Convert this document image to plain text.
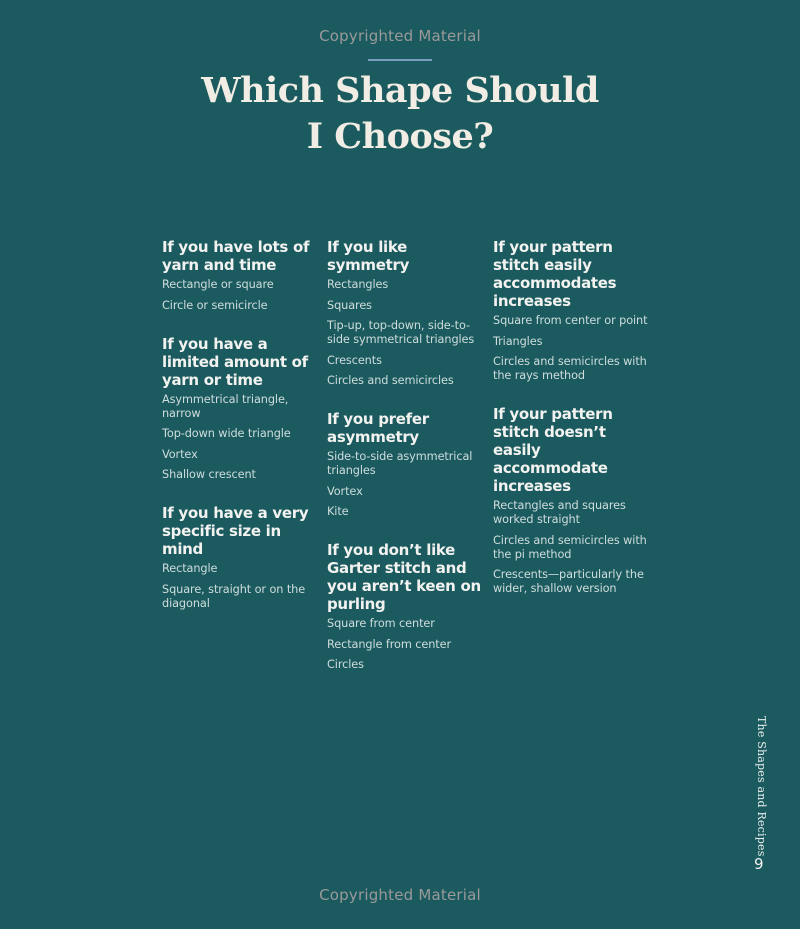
Copyrighted Material
Which Shape Should
I Choose?
If you have lots of yarn and time
Rectangle or square
Circle or semicircle
If you have a limited amount of yarn or time
Asymmetrical triangle, narrow
Top-down wide triangle
Vortex
Shallow crescent
If you have a very specific size in mind
Rectangle
Square, straight or on the diagonal
If you like symmetry
Rectangles
Squares
Tip-up, top-down, side-to-side symmetrical triangles
Crescents
Circles and semicircles
If you prefer asymmetry
Side-to-side asymmetrical triangles
Vortex
Kite
If you don’t like Garter stitch and you aren’t keen on purling
Square from center
Rectangle from center
Circles
If your pattern stitch easily accommodates increases
Square from center or point
Triangles
Circles and semicircles with the rays method
If your pattern stitch doesn’t easily accommodate increases
Rectangles and squares worked straight
Circles and semicircles with the pi method
Crescents—particularly the wider, shallow version
The Shapes and Recipes
9
Copyrighted Material
